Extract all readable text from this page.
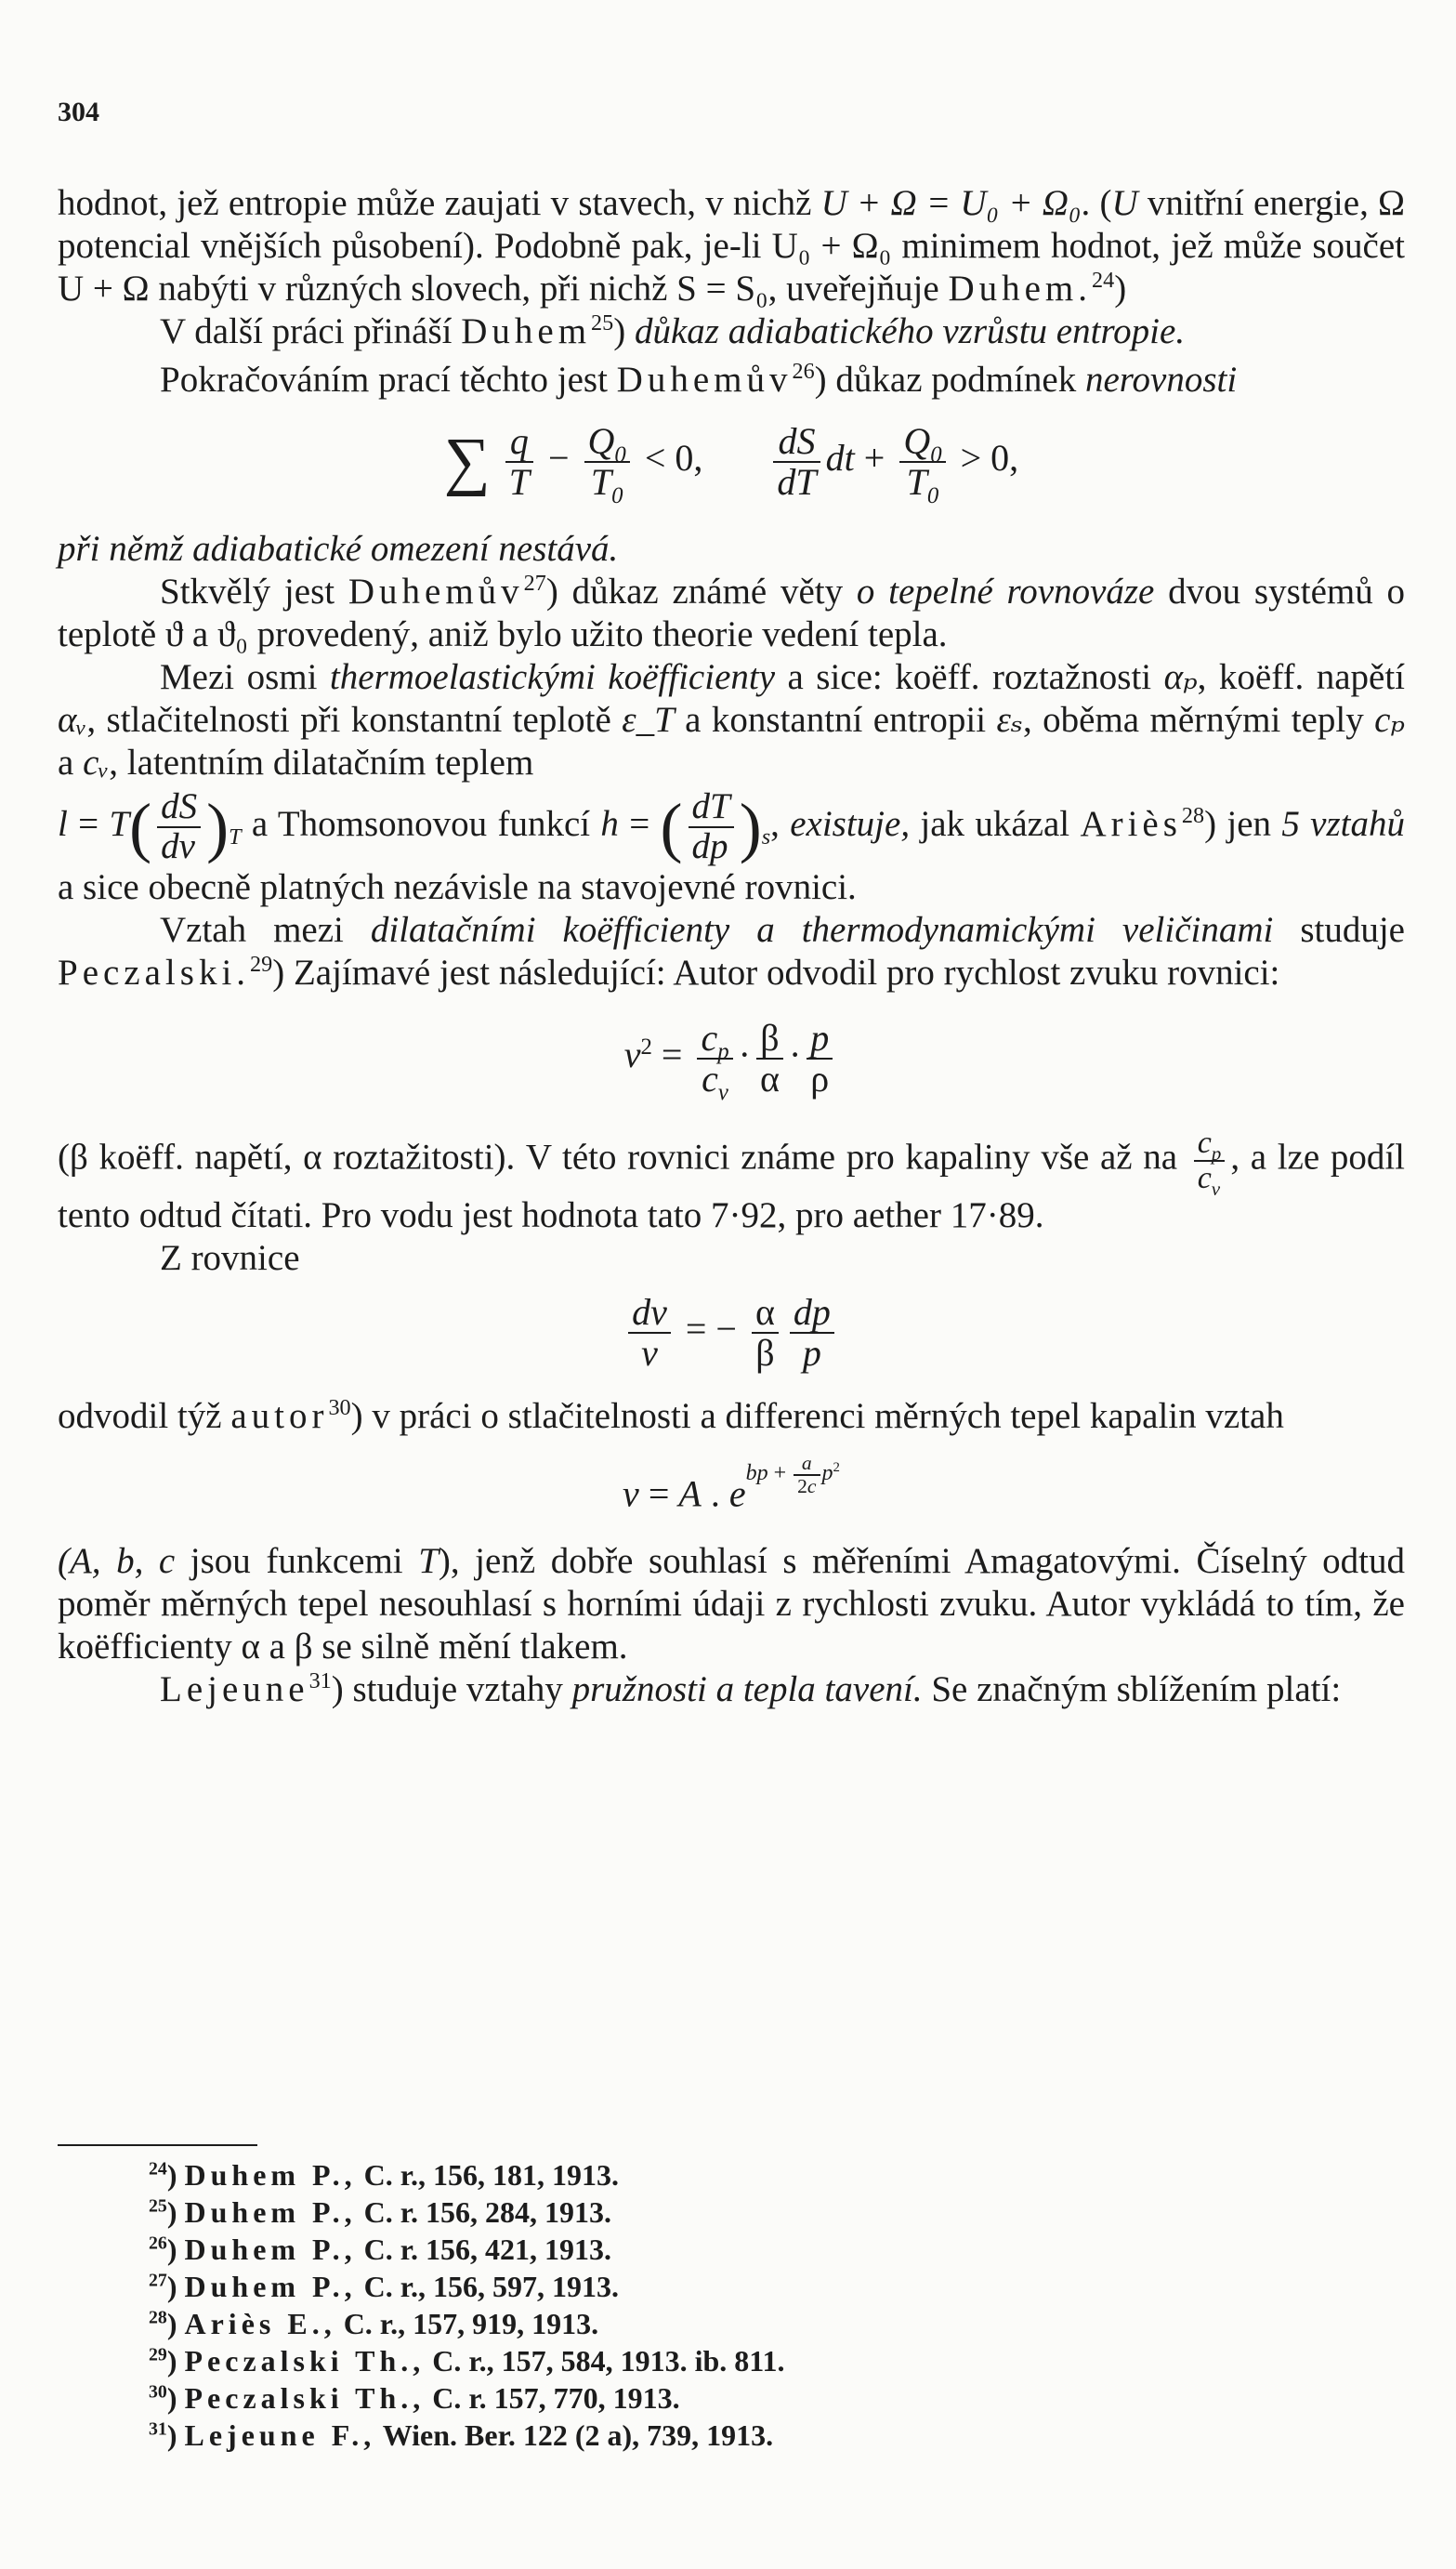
304

hodnot, jež entropie může zaujati v stavech, v nichž U + Ω = U₀ + Ω₀. (U vnitřní energie, Ω potencial vnějších působení). Podobně pak, je-li U₀ + Ω₀ minimem hodnot, jež může součet U + Ω nabýti v různých slovech, při nichž S = S₀, uveřejňuje Duhem.$^{24}$)

V další práci přináší Duhem$^{25}$) důkaz adiabatického vzrůstu entropie.

Pokračováním prací těchto jest Duhemův$^{26}$) důkaz podmínek nerovnosti

∑ $\frac{q}{T} - \frac{Q_0}{T_0} < 0$, $\frac{dS}{dT}$ dt + $\frac{Q_0}{T_0} > 0$,

při němž adiabatické omezení nestává.

Stkvělý jest Duhemův$^{27}$) důkaz známé věty o tepelné rovnováze dvou systémů o teplotě ϑ a ϑ₀ provedený, aniž bylo užito theorie vedení tepla.

Mezi osmi thermoelastickými koëfficienty a sice: koëff. roztažnosti αₚ, koëff. napětí αᵥ, stlačitelnosti při konstantní teplotě ε_T a konstantní entropii εₛ, oběma měrnými teply cₚ a cᵥ, latentním dilatačním teplem

$l = T( \frac{dS}{dv} )_T$ a Thomsonovou funkcí h = ( $\frac{dT}{dp} )_s$, existuje, jak ukázal Ariès$^{28}$) jen 5 vztahů a sice obecně platných nezávisle na stavojevné rovnici.

Vztah mezi dilatačními koëfficienty a thermodynamickými veličinami studuje Peczalski.$^{29}$) Zajímavé jest následující: Autor odvodil pro rychlost zvuku rovnici:

$v^2 = \frac{c_p}{c_v} \cdot \frac{\beta}{\alpha} \cdot \frac{p}{\rho}$

(β koëff. napětí, α roztažitosti). V této rovnici známe pro kapaliny vše až na $\frac{c_p}{c_v}$ , a lze podíl tento odtud čítati. Pro vodu jest hodnota tato 7·92, pro aether 17·89.

Z rovnice

$\frac{dv}{v}$ = − $\frac{\alpha}{\beta} \frac{dp}{p}$

odvodil týž autor$^{30}$) v práci o stlačitelnosti a differenci měrných tepel kapalin vztah

v = A . $e^{bp + \frac{a}{2c} p^2}$

(A, b, c jsou funkcemi T), jenž dobře souhlasí s měřeními Amagatovými. Číselný odtud poměr měrných tepel nesouhlasí s horními údaji z rychlosti zvuku. Autor vykládá to tím, že koëfficienty α a β se silně mění tlakem.

Lejeune$^{31}$) studuje vztahy pružnosti a tepla tavení. Se značným sblížením platí:

$^{24}$) Duhem P., C. r., 156, 181, 1913.

$^{25}$) Duhem P., C. r. 156, 284, 1913.

$^{26}$) Duhem P., C. r. 156, 421, 1913.

$^{27}$) Duhem P., C. r., 156, 597, 1913.

$^{28}$) Ariès E., C. r., 157, 919, 1913.

$^{29}$) Peczalski Th., C. r., 157, 584, 1913. ib. 811.

$^{30}$) Peczalski Th., C. r. 157, 770, 1913.

$^{31}$) Lejeune F., Wien. Ber. 122 (2 a), 739, 1913.
